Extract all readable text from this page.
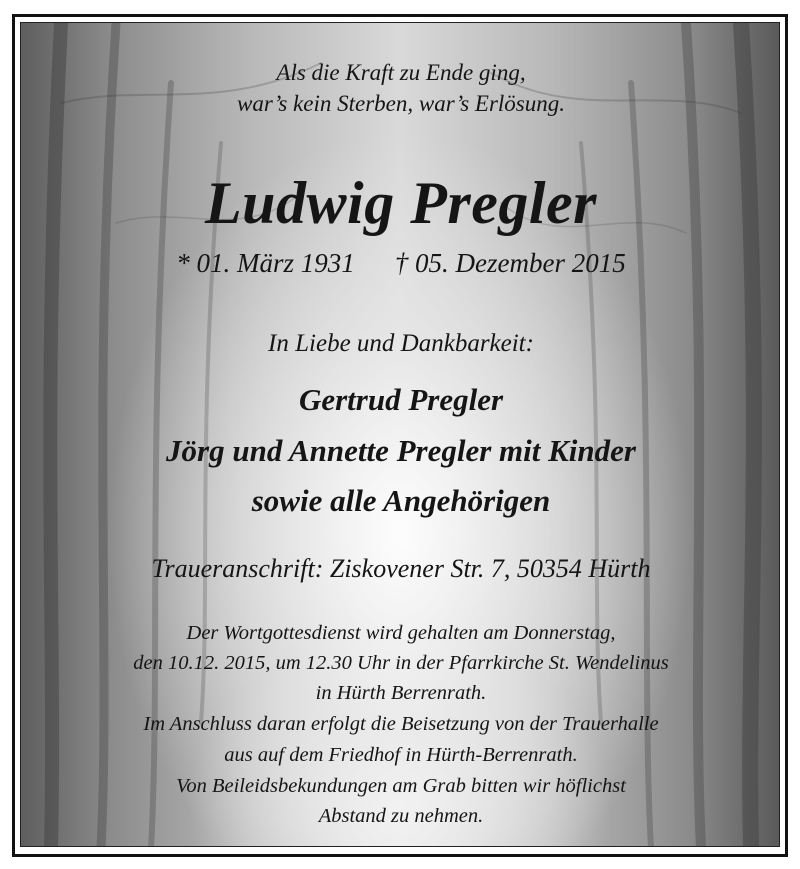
Als die Kraft zu Ende ging,
war’s kein Sterben, war’s Erlösung.
Ludwig Pregler
* 01. März 1931 † 05. Dezember 2015
In Liebe und Dankbarkeit:
Gertrud Pregler
Jörg und Annette Pregler mit Kinder
sowie alle Angehörigen
Traueranschrift: Ziskovener Str. 7, 50354 Hürth
Der Wortgottesdienst wird gehalten am Donnerstag,
den 10.12. 2015, um 12.30 Uhr in der Pfarrkirche St. Wendelinus
in Hürth Berrenrath.
Im Anschluss daran erfolgt die Beisetzung von der Trauerhalle
aus auf dem Friedhof in Hürth-Berrenrath.
Von Beileidsbekundungen am Grab bitten wir höflichst
Abstand zu nehmen.
